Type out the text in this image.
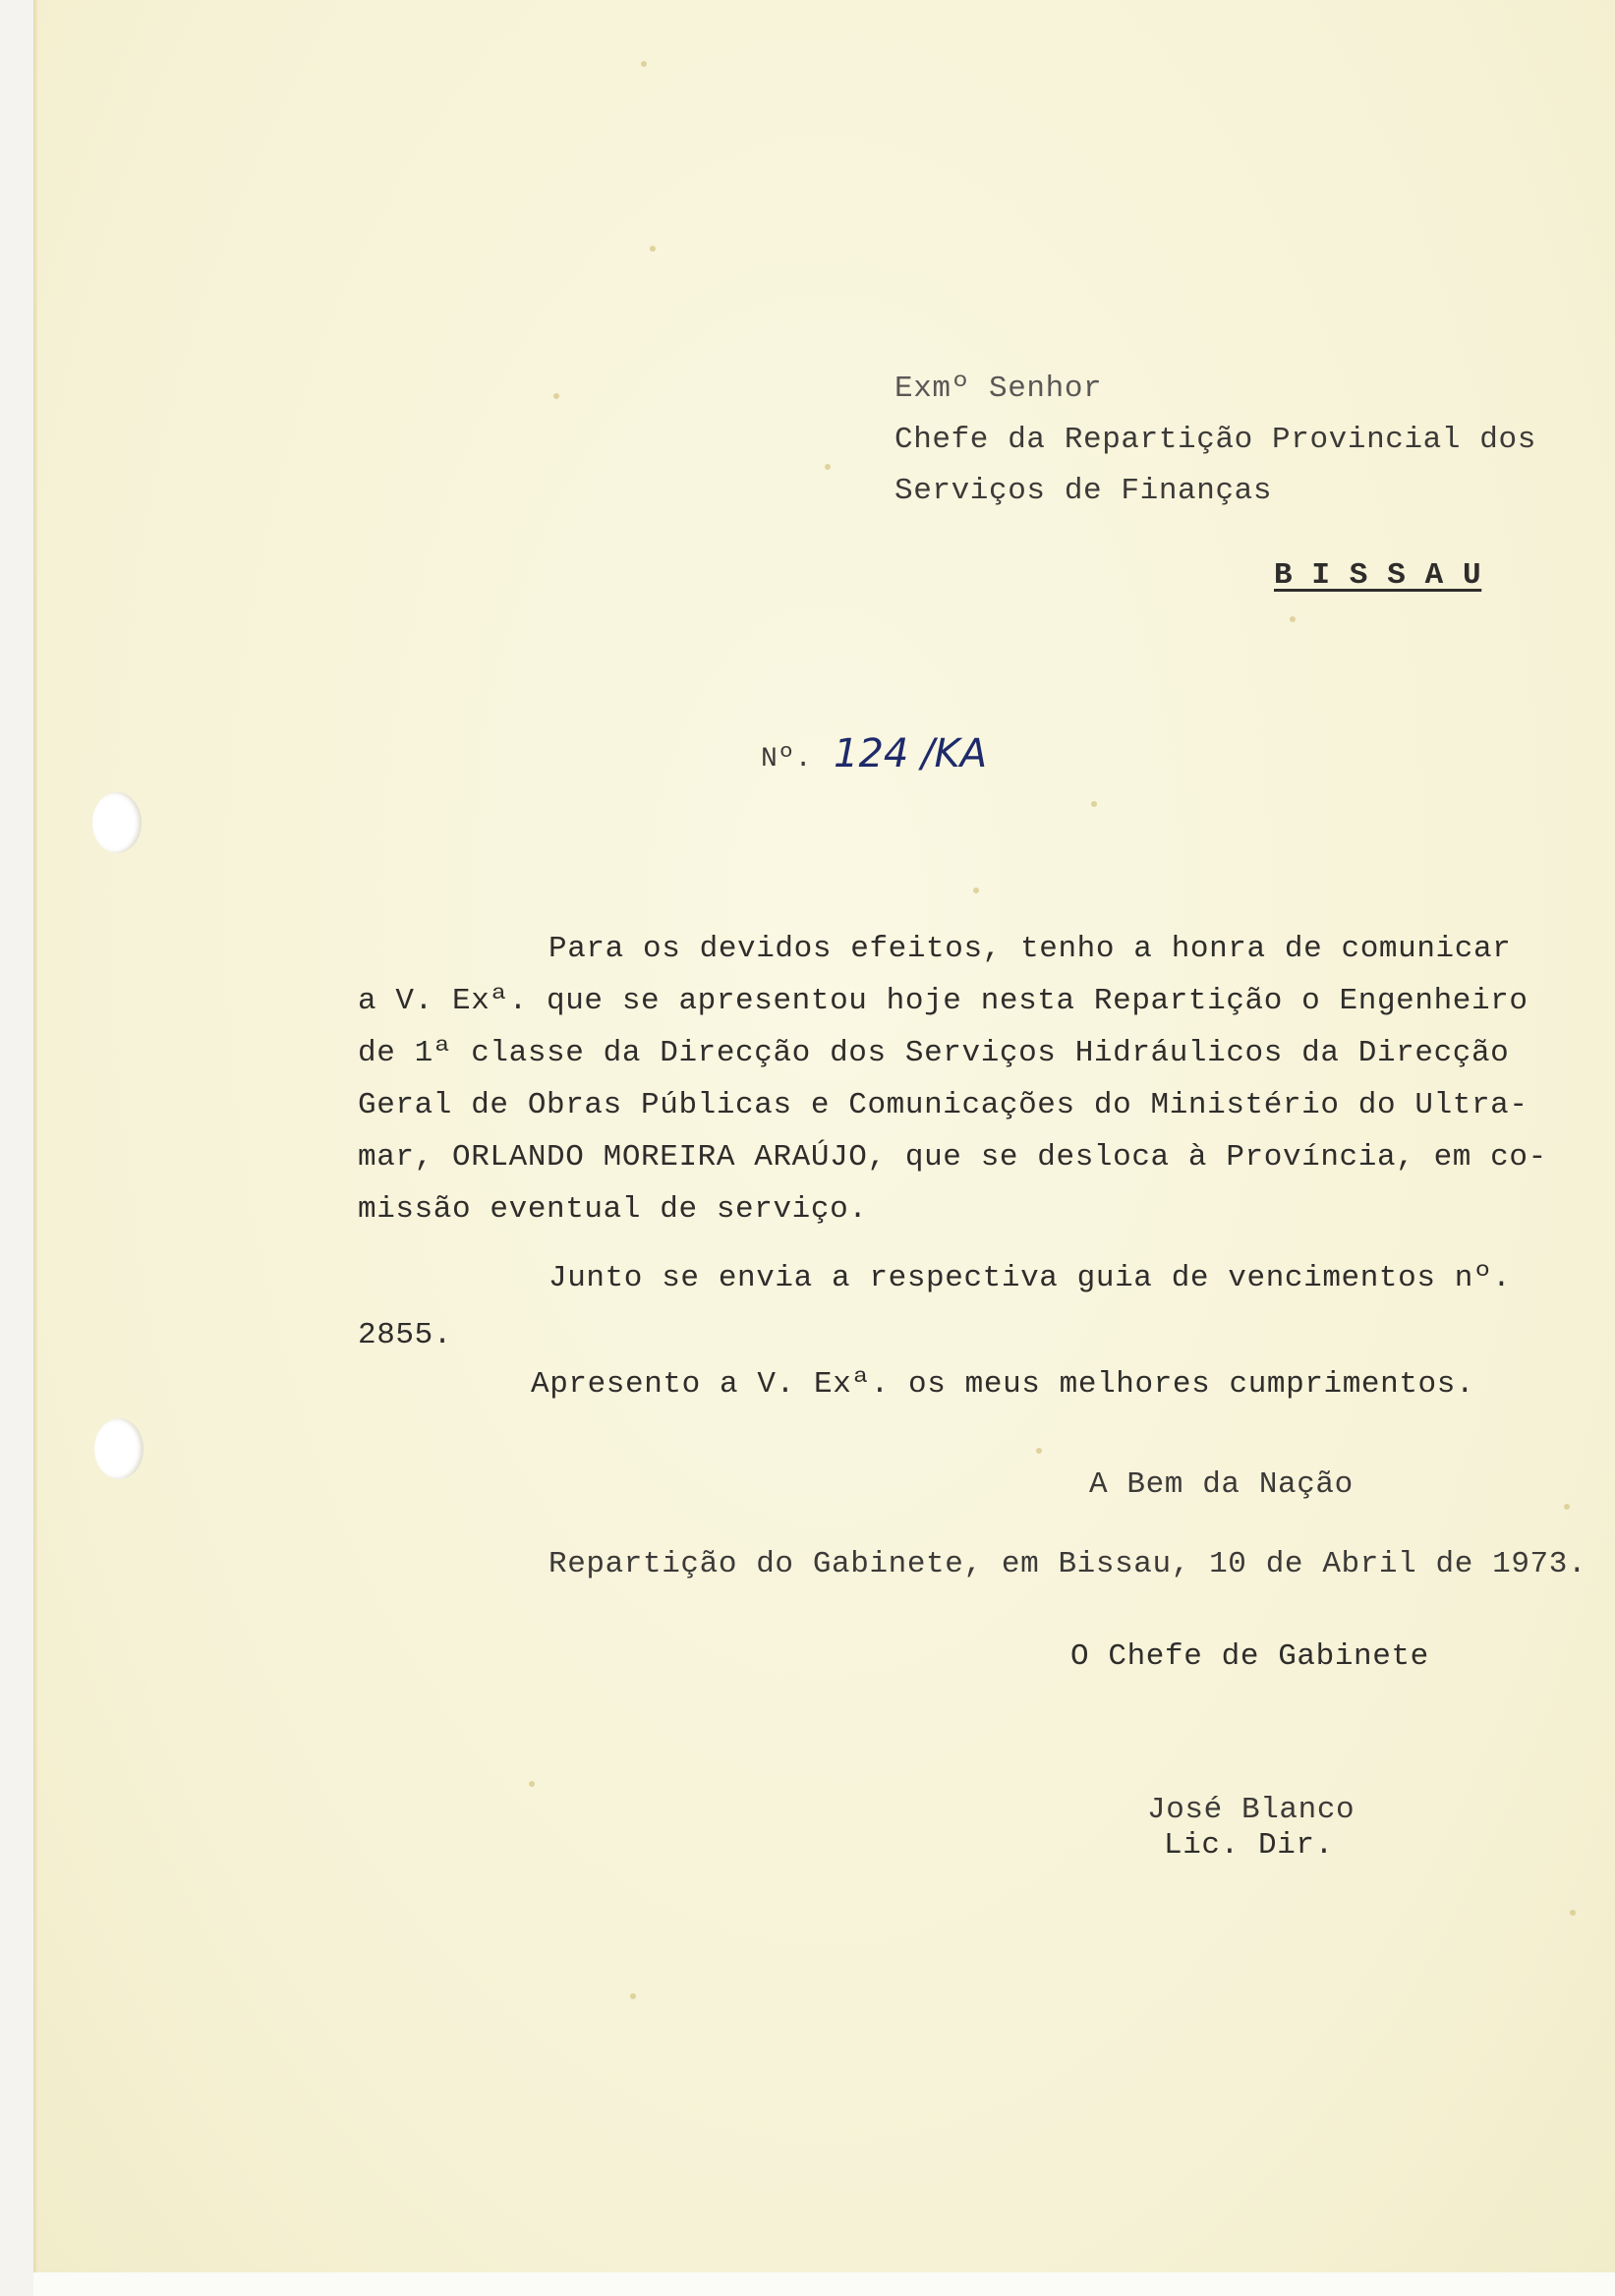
Exmº Senhor

Chefe da Repartição Provincial dos

Serviços de Finanças

B I S S A U

Nº. 124 /KA

Para os devidos efeitos, tenho a honra de comunicar

a V. Exª. que se apresentou hoje nesta Repartição o Engenheiro

de 1ª classe da Direcção dos Serviços Hidráulicos da Direcção

Geral de Obras Públicas e Comunicações do Ministério do Ultra-

mar, ORLANDO MOREIRA ARAÚJO, que se desloca à Província, em co-

missão eventual de serviço.

Junto se envia a respectiva guia de vencimentos nº.

2855.

Apresento a V. Exª. os meus melhores cumprimentos.

A Bem da Nação

Repartição do Gabinete, em Bissau, 10 de Abril de 1973.

O Chefe de Gabinete

José Blanco

Lic. Dir.
